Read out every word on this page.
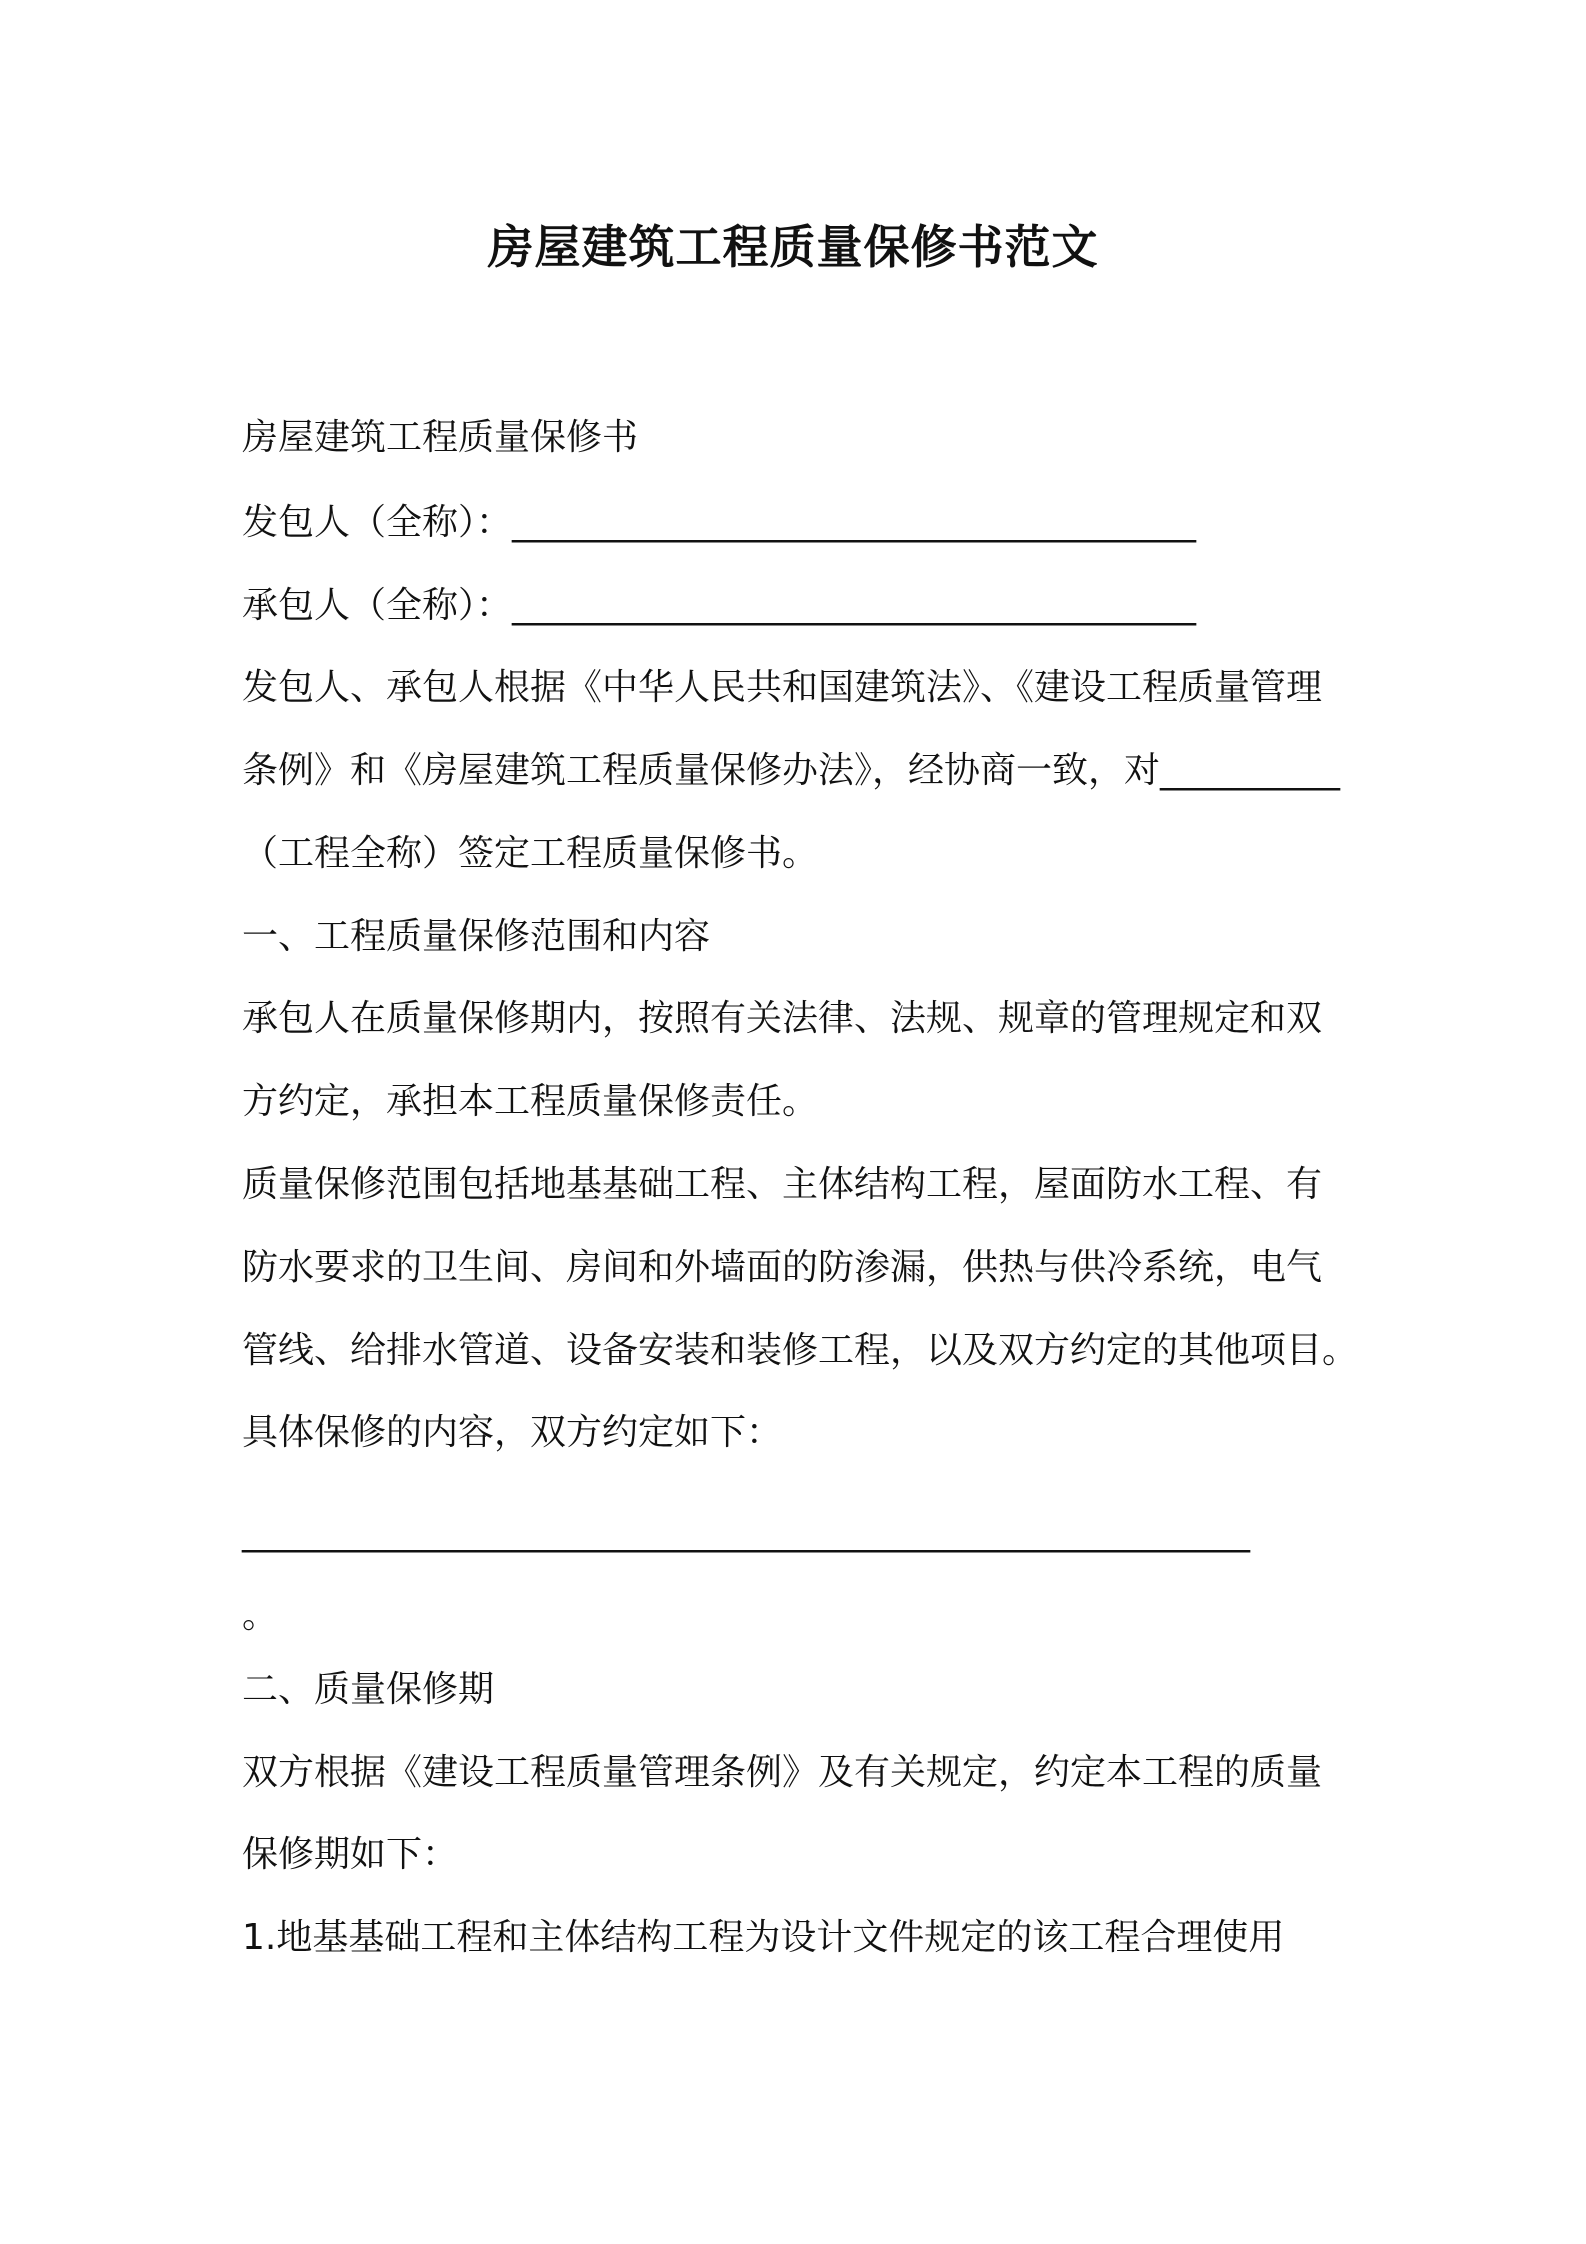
房屋建筑工程质量保修书范文
房屋建筑工程质量保修书
发包人（全称）：______________________________________
承包人（全称）：______________________________________
发包人、承包人根据《中华人民共和国建筑法》、《建设工程质量管理
条例》和《房屋建筑工程质量保修办法》，经协商一致，对__________
（工程全称）签定工程质量保修书。
一、工程质量保修范围和内容
承包人在质量保修期内，按照有关法律、法规、规章的管理规定和双
方约定，承担本工程质量保修责任。
质量保修范围包括地基基础工程、主体结构工程，屋面防水工程、有
防水要求的卫生间、房间和外墙面的防渗漏，供热与供冷系统，电气
管线、给排水管道、设备安装和装修工程，以及双方约定的其他项目。
具体保修的内容，双方约定如下：
________________________________________________________
。
二、质量保修期
双方根据《建设工程质量管理条例》及有关规定，约定本工程的质量
保修期如下：
1.地基基础工程和主体结构工程为设计文件规定的该工程合理使用
